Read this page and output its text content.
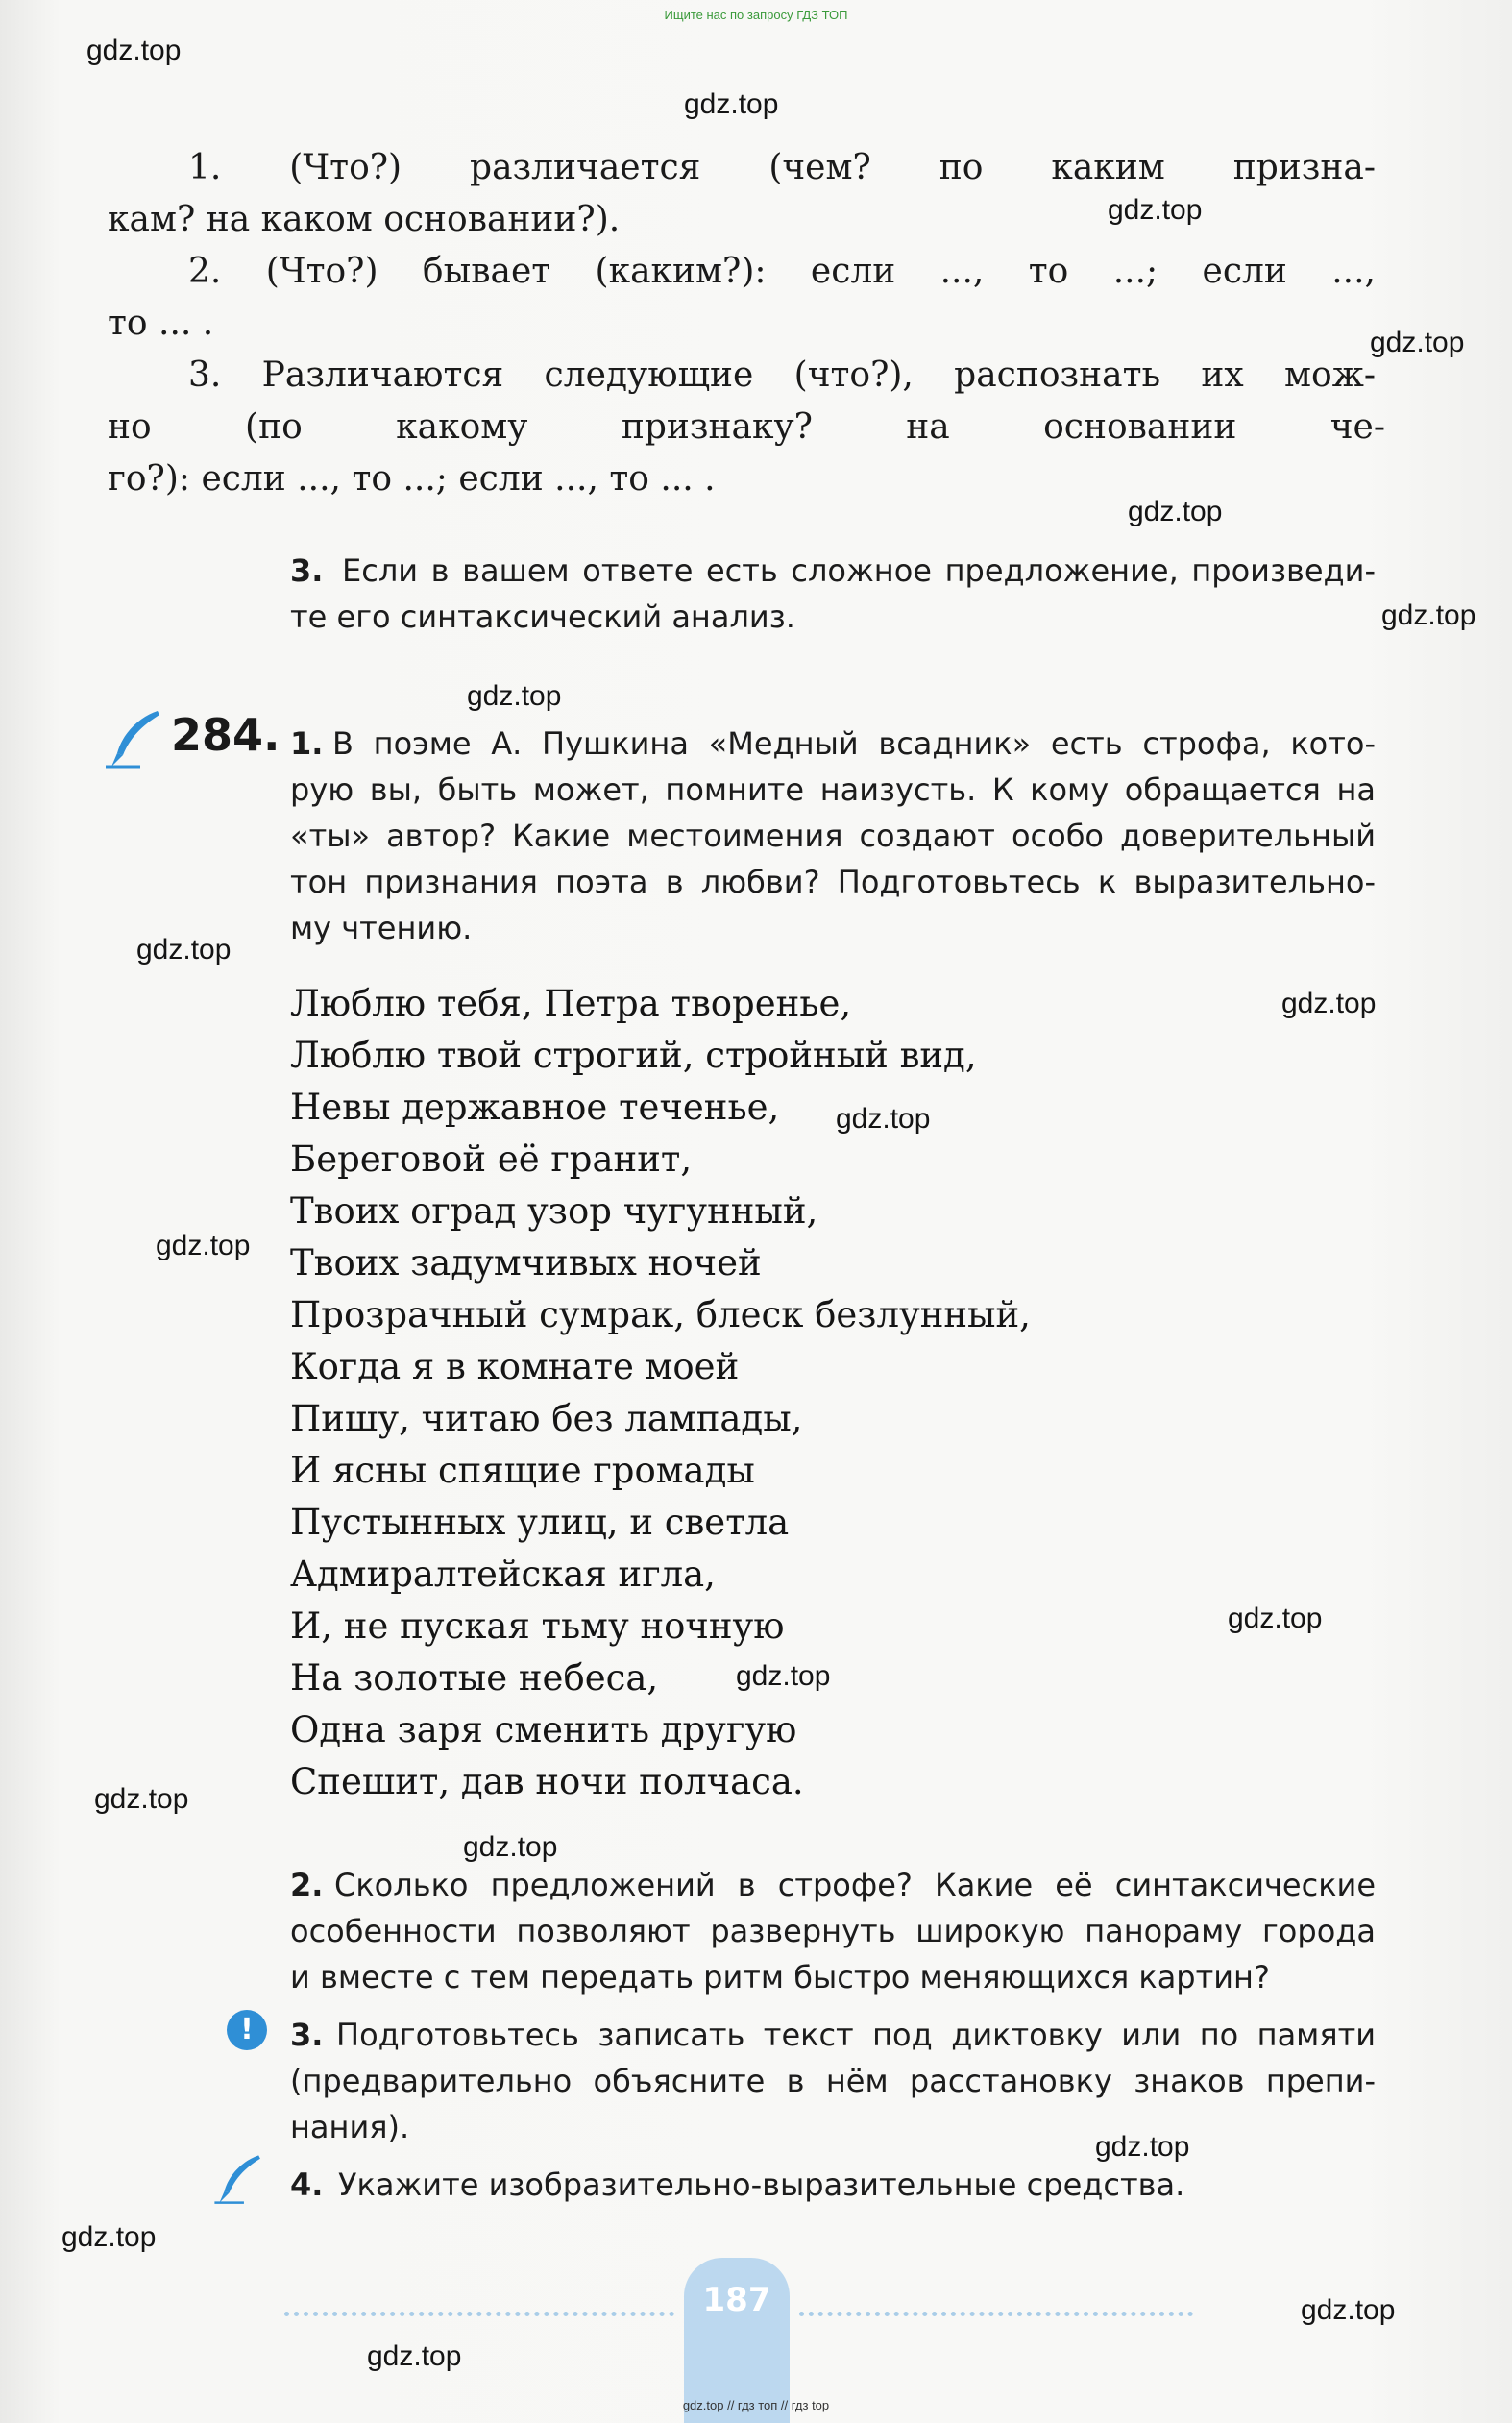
Ищите нас по запросу ГДЗ ТОП
gdz.top
gdz.top
gdz.top
gdz.top
gdz.top
gdz.top
gdz.top
gdz.top
gdz.top
gdz.top
gdz.top
gdz.top
gdz.top
gdz.top
gdz.top
gdz.top
gdz.top
gdz.top
gdz.top
1. (Что?) различается (чем? по каким призна-
кам? на каком основании?).
2. (Что?) бывает (каким?): если ..., то ...; если ...,
то ... .
3. Различаются следующие (что?), распознать их мож-
но (по какому признаку? на основании че-
го?): если ..., то ...; если ..., то ... .
3. Если в вашем ответе есть сложное предложение, произведи-
те его синтаксический анализ.
284. 1. В поэме А. Пушкина «Медный всадник» есть строфа, кото-
рую вы, быть может, помните наизусть. К кому обращается на
«ты» автор? Какие местоимения создают особо доверительный
тон признания поэта в любви? Подготовьтесь к выразительно-
му чтению.
Люблю тебя, Петра творенье,
Люблю твой строгий, стройный вид,
Невы державное теченье,
Береговой её гранит,
Твоих оград узор чугунный,
Твоих задумчивых ночей
Прозрачный сумрак, блеск безлунный,
Когда я в комнате моей
Пишу, читаю без лампады,
И ясны спящие громады
Пустынных улиц, и светла
Адмиралтейская игла,
И, не пуская тьму ночную
На золотые небеса,
Одна заря сменить другую
Спешит, дав ночи полчаса.
2. Сколько предложений в строфе? Какие её синтаксические
особенности позволяют развернуть широкую панораму города
и вместе с тем передать ритм быстро меняющихся картин?
!	3. Подготовьтесь записать текст под диктовку или по памяти
(предварительно объясните в нём расстановку знаков препи-
нания).
4. Укажите изобразительно-выразительные средства.
187
gdz.top // гдз топ // гдз top
